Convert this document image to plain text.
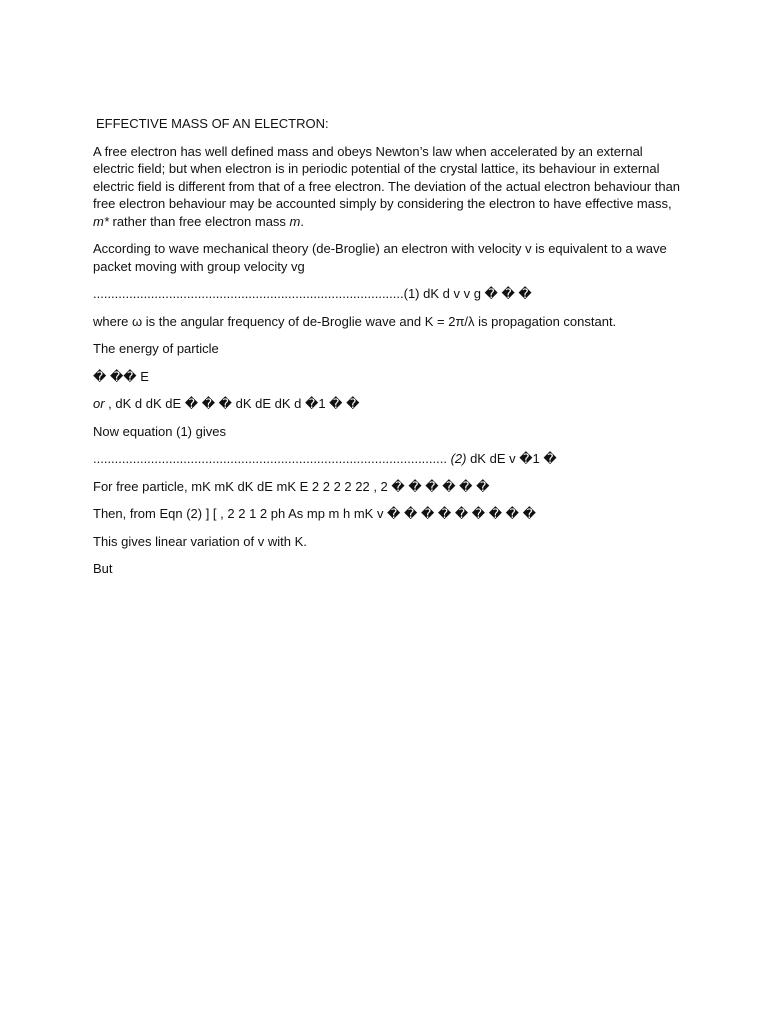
EFFECTIVE MASS OF AN ELECTRON:

A free electron has well defined mass and obeys Newton’s law when accelerated by an external electric field; but when electron is in periodic potential of the crystal lattice, its behaviour in external electric field is different from that of a free electron. The deviation of the actual electron behaviour than free electron behaviour may be accounted simply by considering the electron to have effective mass, m* rather than free electron mass m.

According to wave mechanical theory (de-Broglie) an electron with velocity v is equivalent to a wave packet moving with group velocity vg

......................................................................................(1) dK d v v g � � �

where ω is the angular frequency of de-Broglie wave and K = 2π/λ is propagation constant.

The energy of particle

� �� E

or , dK d dK dE � � � dK dE dK d �1 � �

Now equation (1) gives

.................................................................................................. (2) dK dE v �1 �

For free particle, mK mK dK dE mK E 2 2 2 2 22 , 2 � � � � � �

Then, from Eqn (2) ] [ , 2 2 1 2 ph As mp m h mK v � � � � � � � � �

This gives linear variation of v with K.

But
